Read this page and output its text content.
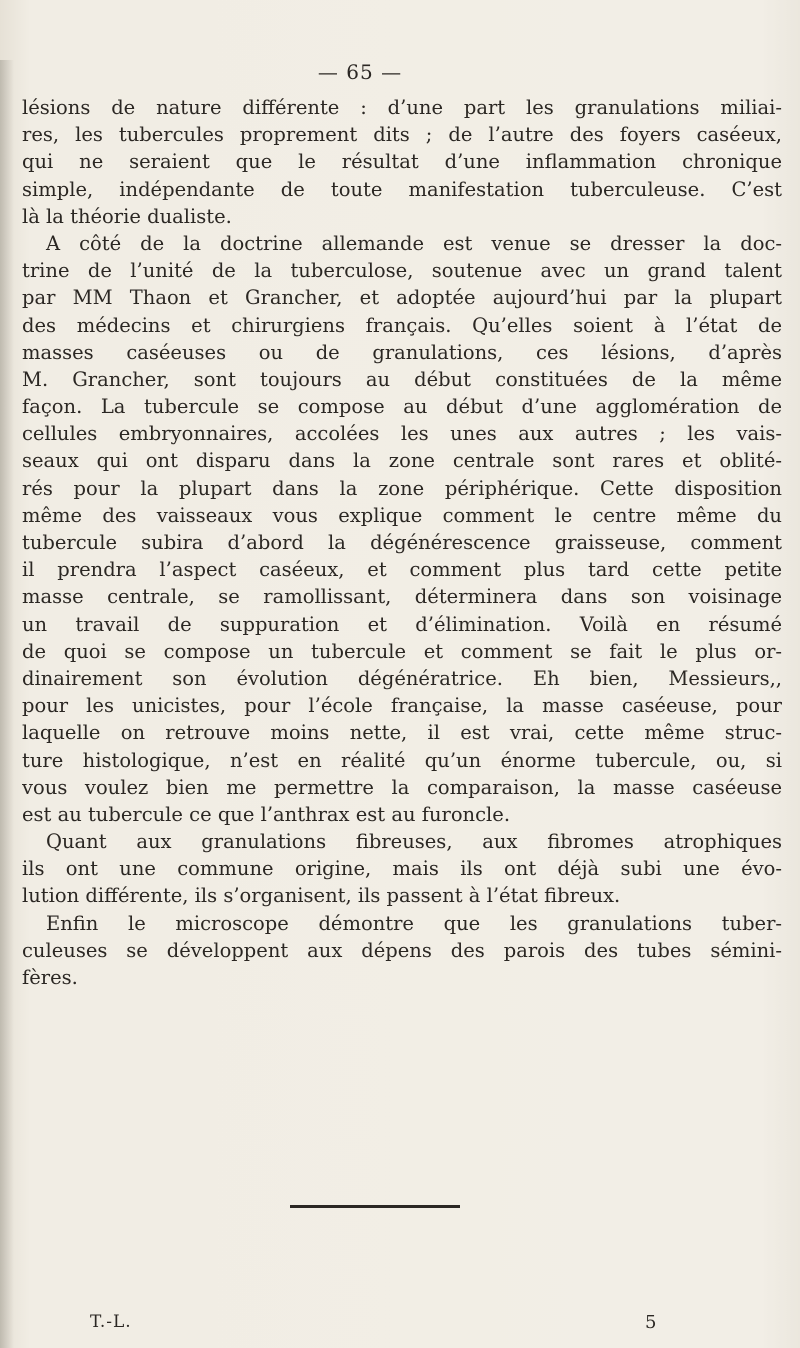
— 65 —
lésions de nature différente : d’une part les granulations miliai-
res, les tubercules proprement dits ; de l’autre des foyers caséeux,
qui ne seraient que le résultat d’une inflammation chronique
simple, indépendante de toute manifestation tuberculeuse. C’est
là la théorie dualiste.
A côté de la doctrine allemande est venue se dresser la doc-
trine de l’unité de la tuberculose, soutenue avec un grand talent
par MM Thaon et Grancher, et adoptée aujourd’hui par la plupart
des médecins et chirurgiens français. Qu’elles soient à l’état de
masses caséeuses ou de granulations, ces lésions, d’après
M. Grancher, sont toujours au début constituées de la même
façon. La tubercule se compose au début d’une agglomération de
cellules embryonnaires, accolées les unes aux autres ; les vais-
seaux qui ont disparu dans la zone centrale sont rares et oblité-
rés pour la plupart dans la zone périphérique. Cette disposition
même des vaisseaux vous explique comment le centre même du
tubercule subira d’abord la dégénérescence graisseuse, comment
il prendra l’aspect caséeux, et comment plus tard cette petite
masse centrale, se ramollissant, déterminera dans son voisinage
un travail de suppuration et d’élimination. Voilà en résumé
de quoi se compose un tubercule et comment se fait le plus or-
dinairement son évolution dégénératrice. Eh bien, Messieurs,,
pour les unicistes, pour l’école française, la masse caséeuse, pour
laquelle on retrouve moins nette, il est vrai, cette même struc-
ture histologique, n’est en réalité qu’un énorme tubercule, ou, si
vous voulez bien me permettre la comparaison, la masse caséeuse
est au tubercule ce que l’anthrax est au furoncle.
Quant aux granulations fibreuses, aux fibromes atrophiques
ils ont une commune origine, mais ils ont déjà subi une évo-
lution différente, ils s’organisent, ils passent à l’état fibreux.
Enfin le microscope démontre que les granulations tuber-
culeuses se développent aux dépens des parois des tubes sémini-
fères.
T.-L.	5
